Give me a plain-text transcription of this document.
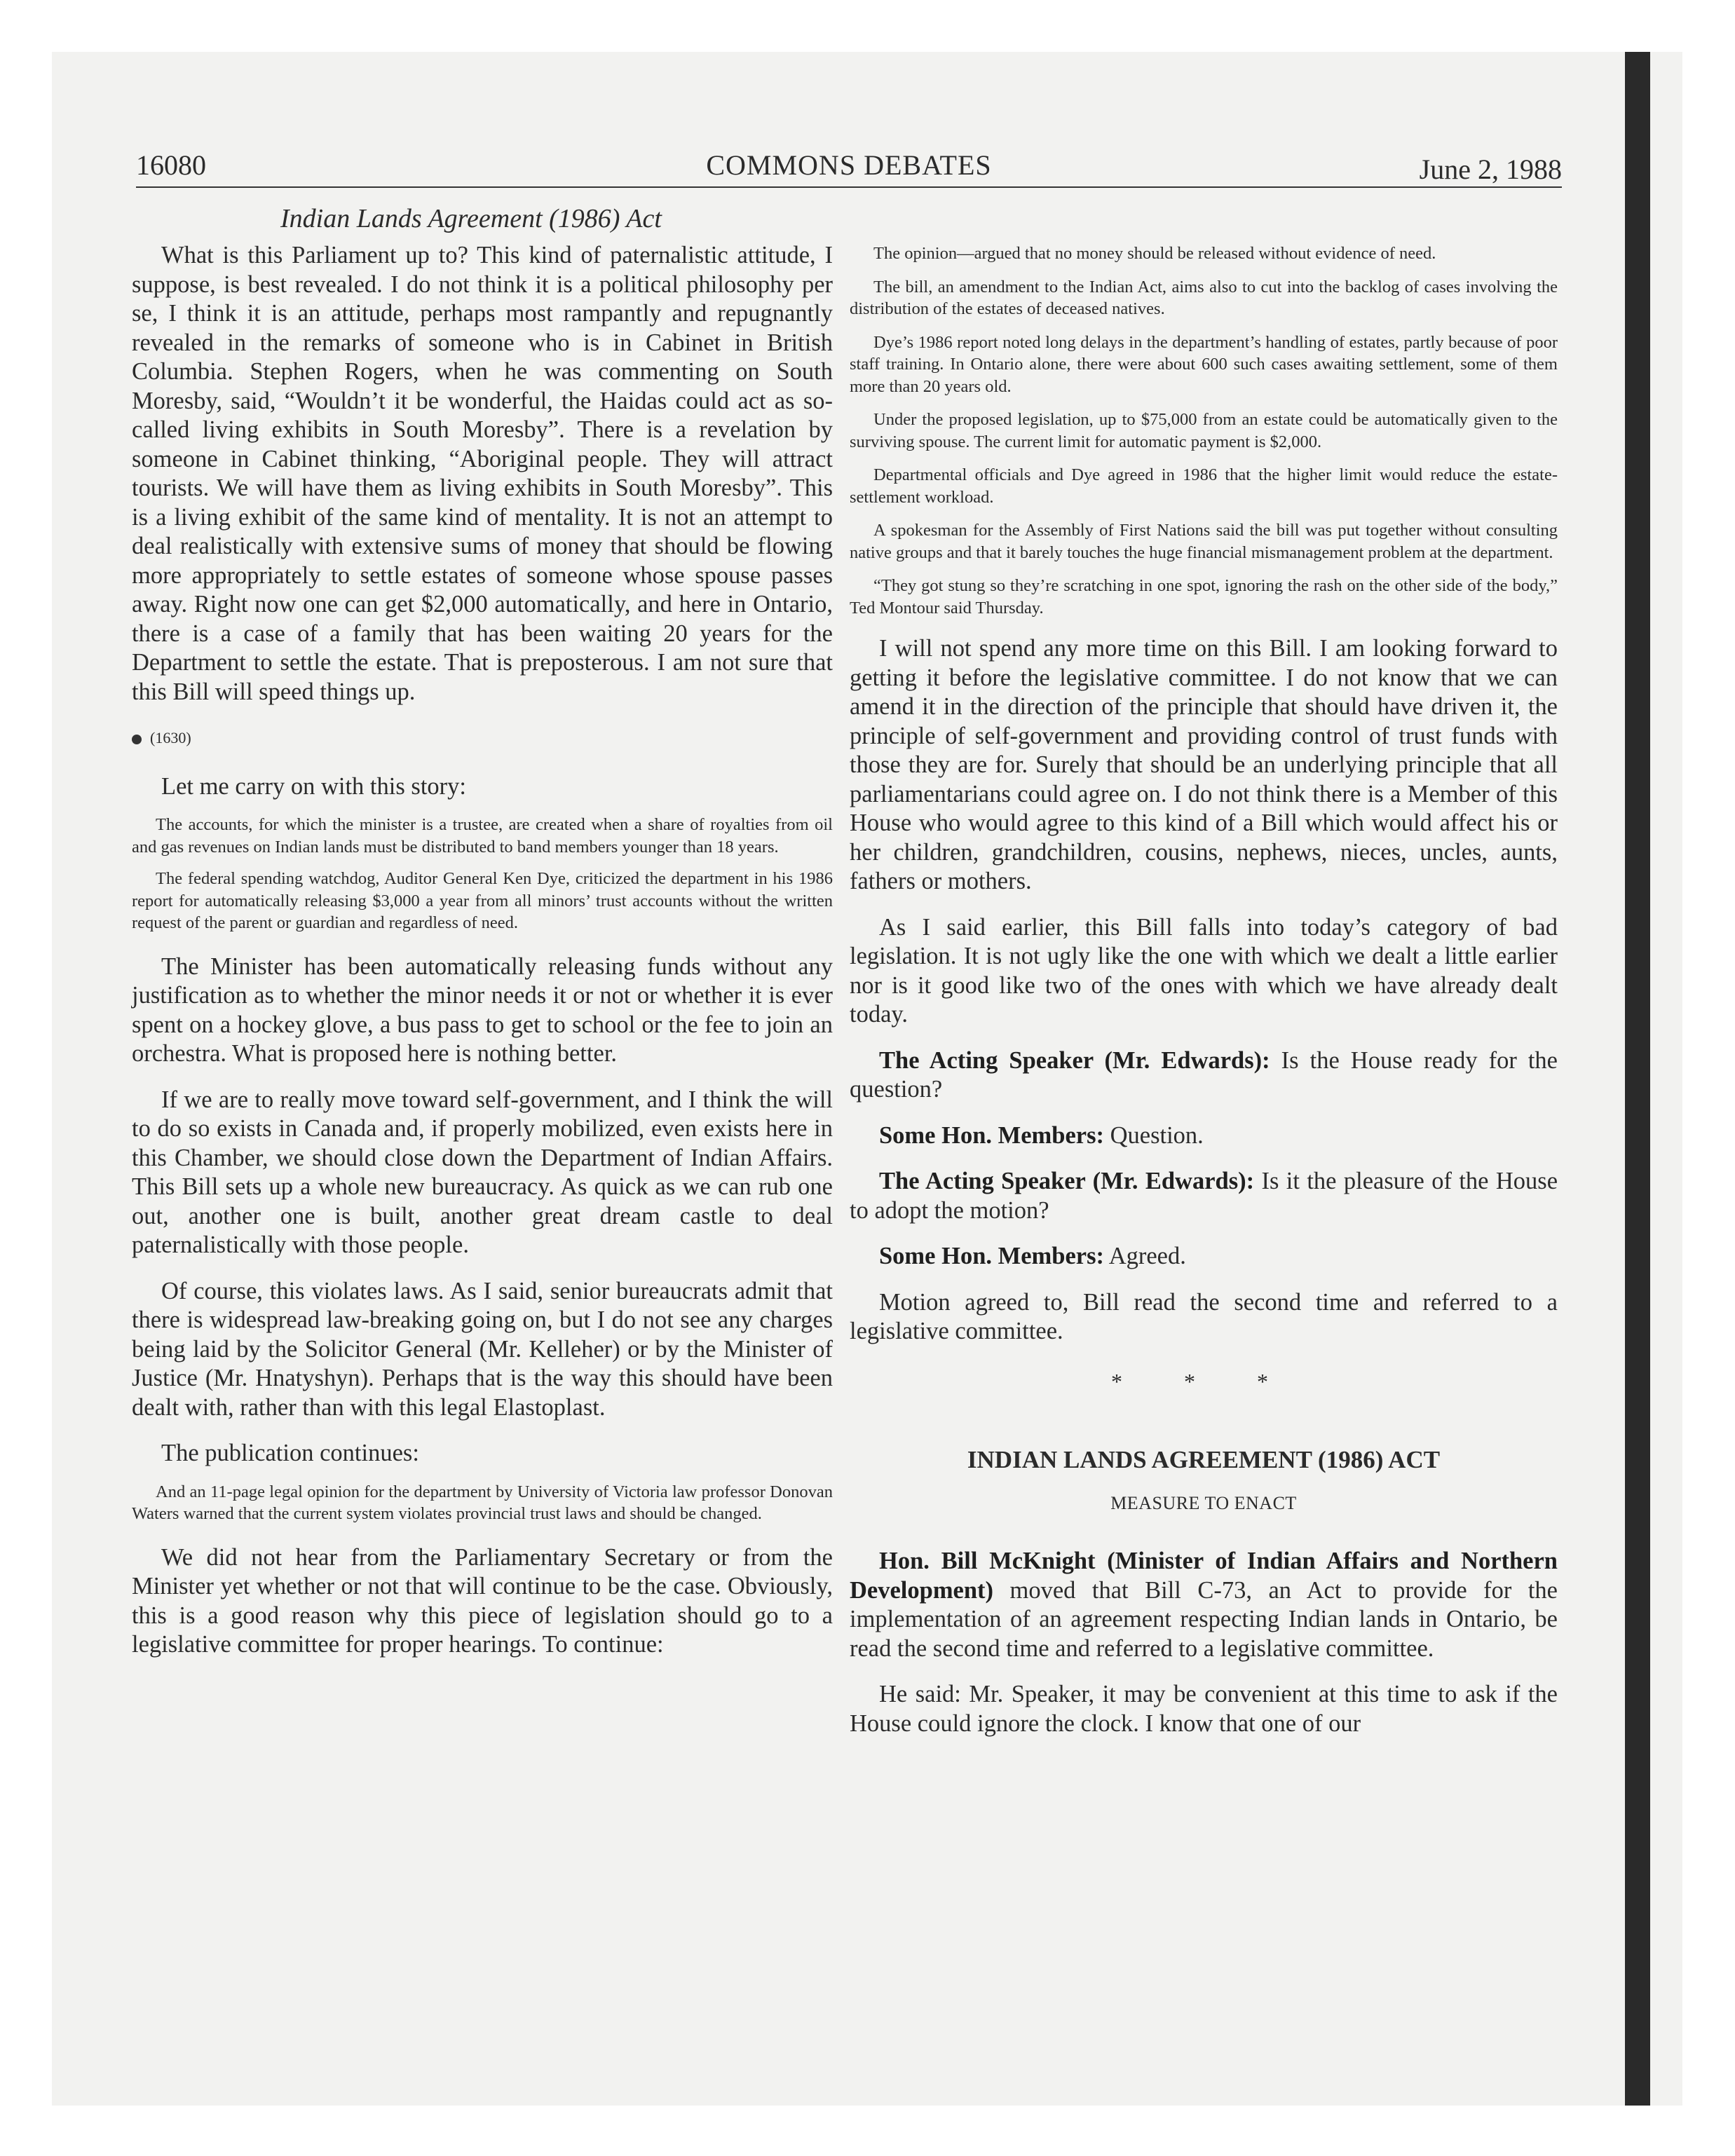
16080	COMMONS DEBATES	June 2, 1988
Indian Lands Agreement (1986) Act

What is this Parliament up to? This kind of paternalistic attitude, I suppose, is best revealed. I do not think it is a political philosophy per se, I think it is an attitude, perhaps most rampantly and repugnantly revealed in the remarks of someone who is in Cabinet in British Columbia. Stephen Rogers, when he was commenting on South Moresby, said, “Wouldn’t it be wonderful, the Haidas could act as so-called living exhibits in South Moresby”. There is a revelation by someone in Cabinet thinking, “Aboriginal people. They will attract tourists. We will have them as living exhibits in South Moresby”. This is a living exhibit of the same kind of mentality. It is not an attempt to deal realistically with extensive sums of money that should be flowing more appropriately to settle estates of someone whose spouse passes away. Right now one can get $2,000 automatically, and here in Ontario, there is a case of a family that has been waiting 20 years for the Department to settle the estate. That is preposterous. I am not sure that this Bill will speed things up.

(1630)

Let me carry on with this story:

The accounts, for which the minister is a trustee, are created when a share of royalties from oil and gas revenues on Indian lands must be distributed to band members younger than 18 years.

The federal spending watchdog, Auditor General Ken Dye, criticized the department in his 1986 report for automatically releasing $3,000 a year from all minors’ trust accounts without the written request of the parent or guardian and regardless of need.

The Minister has been automatically releasing funds without any justification as to whether the minor needs it or not or whether it is ever spent on a hockey glove, a bus pass to get to school or the fee to join an orchestra. What is proposed here is nothing better.

If we are to really move toward self-government, and I think the will to do so exists in Canada and, if properly mobilized, even exists here in this Chamber, we should close down the Department of Indian Affairs. This Bill sets up a whole new bureaucracy. As quick as we can rub one out, another one is built, another great dream castle to deal paternalistically with those people.

Of course, this violates laws. As I said, senior bureaucrats admit that there is widespread law-breaking going on, but I do not see any charges being laid by the Solicitor General (Mr. Kelleher) or by the Minister of Justice (Mr. Hnatyshyn). Perhaps that is the way this should have been dealt with, rather than with this legal Elastoplast.

The publication continues:

And an 11-page legal opinion for the department by University of Victoria law professor Donovan Waters warned that the current system violates provincial trust laws and should be changed.

We did not hear from the Parliamentary Secretary or from the Minister yet whether or not that will continue to be the case. Obviously, this is a good reason why this piece of legislation should go to a legislative committee for proper hearings. To continue:

The opinion—argued that no money should be released without evidence of need.

The bill, an amendment to the Indian Act, aims also to cut into the backlog of cases involving the distribution of the estates of deceased natives.

Dye’s 1986 report noted long delays in the department’s handling of estates, partly because of poor staff training. In Ontario alone, there were about 600 such cases awaiting settlement, some of them more than 20 years old.

Under the proposed legislation, up to $75,000 from an estate could be automatically given to the surviving spouse. The current limit for automatic payment is $2,000.

Departmental officials and Dye agreed in 1986 that the higher limit would reduce the estate-settlement workload.

A spokesman for the Assembly of First Nations said the bill was put together without consulting native groups and that it barely touches the huge financial mismanagement problem at the department.

“They got stung so they’re scratching in one spot, ignoring the rash on the other side of the body,” Ted Montour said Thursday.

I will not spend any more time on this Bill. I am looking forward to getting it before the legislative committee. I do not know that we can amend it in the direction of the principle that should have driven it, the principle of self-government and providing control of trust funds with those they are for. Surely that should be an underlying principle that all parliamentarians could agree on. I do not think there is a Member of this House who would agree to this kind of a Bill which would affect his or her children, grandchildren, cousins, nephews, nieces, uncles, aunts, fathers or mothers.

As I said earlier, this Bill falls into today’s category of bad legislation. It is not ugly like the one with which we dealt a little earlier nor is it good like two of the ones with which we have already dealt today.

The Acting Speaker (Mr. Edwards): Is the House ready for the question?

Some Hon. Members: Question.

The Acting Speaker (Mr. Edwards): Is it the pleasure of the House to adopt the motion?

Some Hon. Members: Agreed.

Motion agreed to, Bill read the second time and referred to a legislative committee.

* * *
INDIAN LANDS AGREEMENT (1986) ACT
MEASURE TO ENACT

Hon. Bill McKnight (Minister of Indian Affairs and Northern Development) moved that Bill C-73, an Act to provide for the implementation of an agreement respecting Indian lands in Ontario, be read the second time and referred to a legislative committee.

He said: Mr. Speaker, it may be convenient at this time to ask if the House could ignore the clock. I know that one of our
